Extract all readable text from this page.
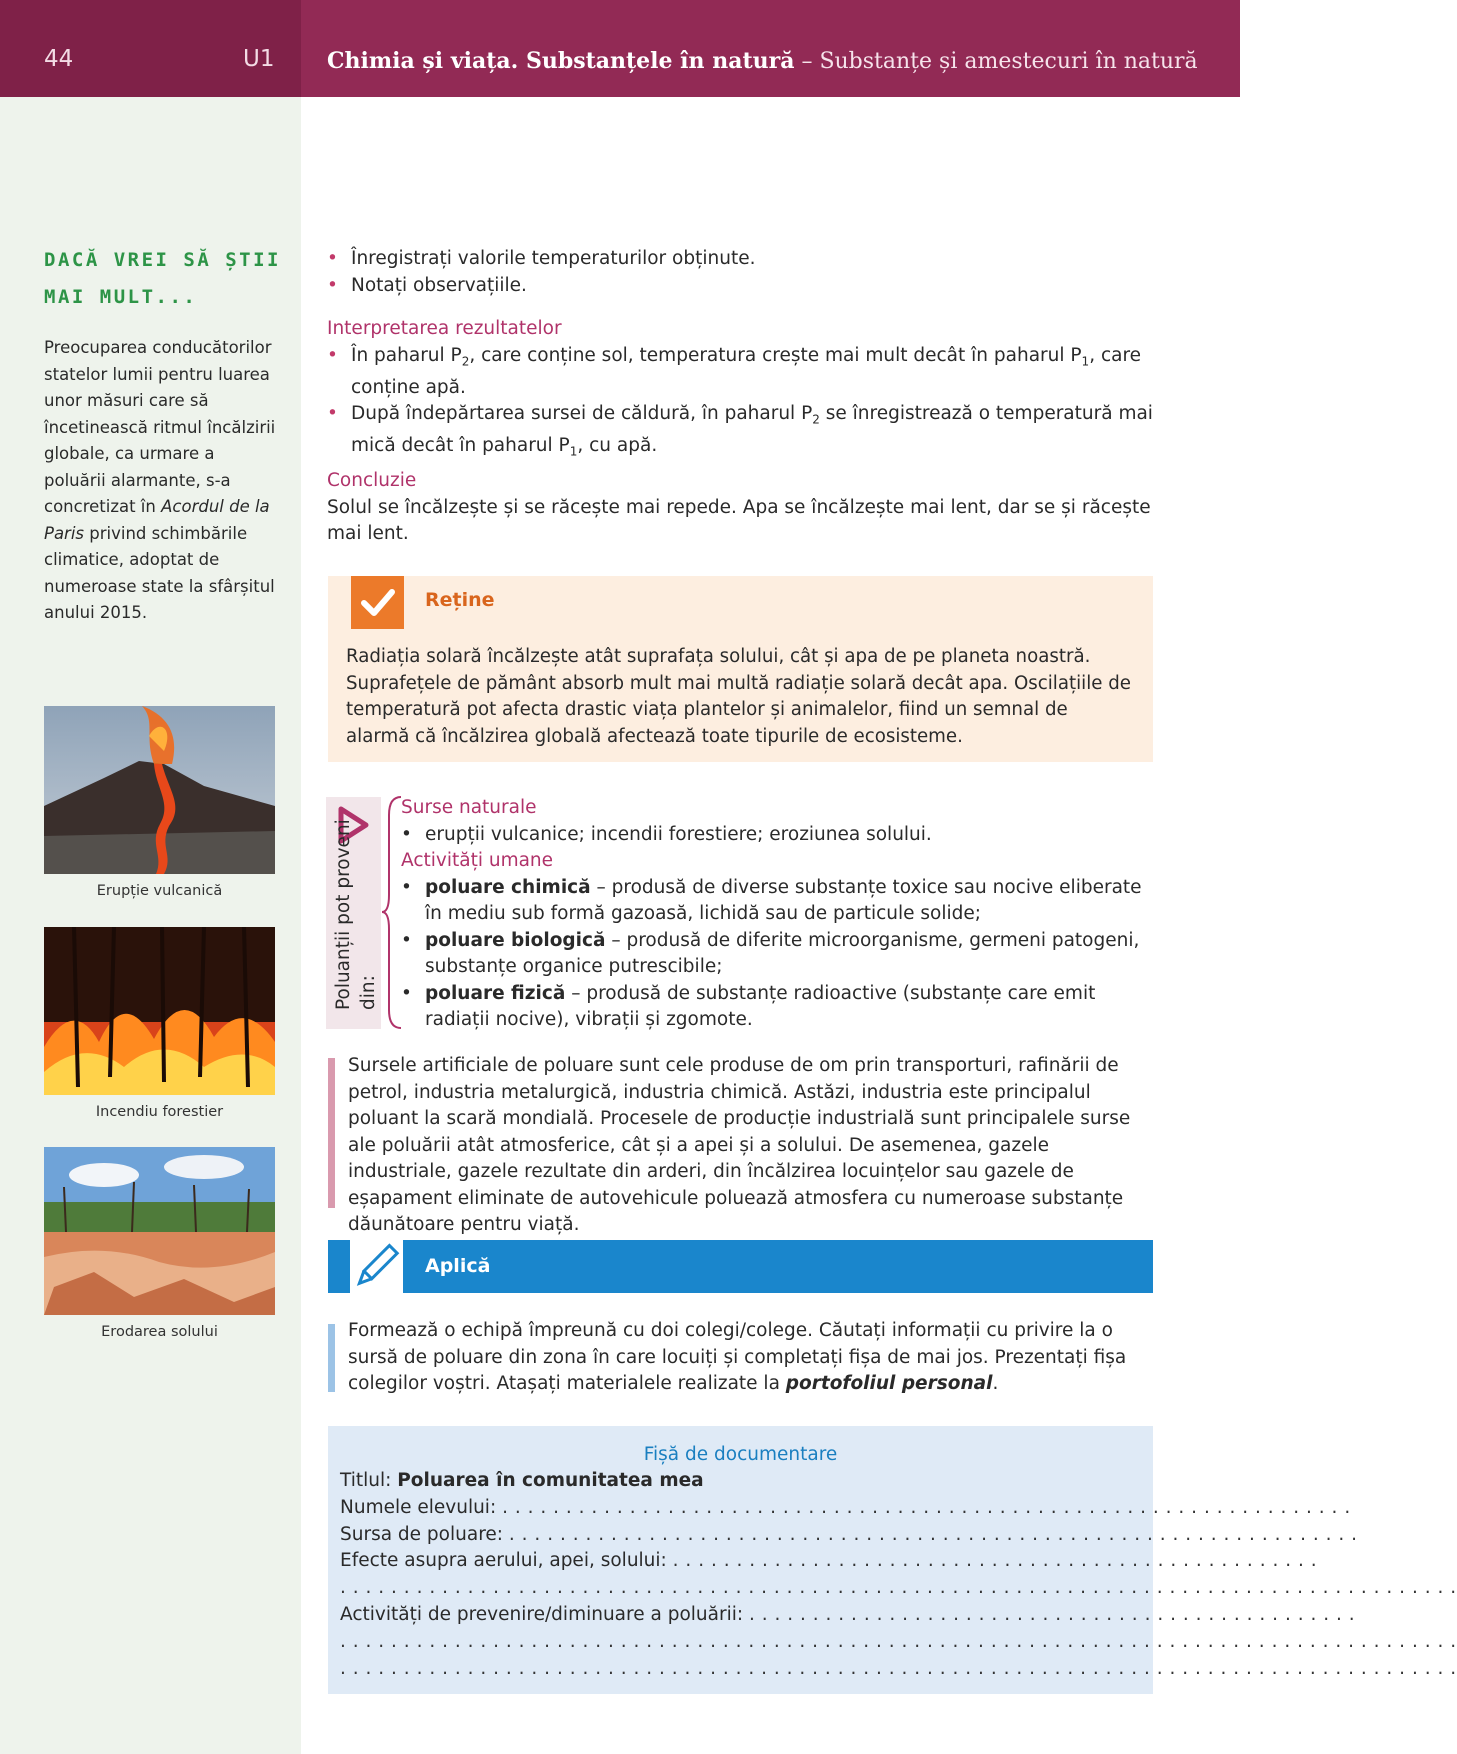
44	U1 Chimia și viața. Substanțele în natură – Substanțe și amestecuri în natură
DACĂ VREI SĂ ȘTII
MAI MULT...
Preocuparea conducătorilor statelor lumii pentru luarea unor măsuri care să încetinească ritmul încălzirii globale, ca urmare a poluării alarmante, s-a concretizat în Acordul de la Paris privind schimbările climatice, adoptat de numeroase state la sfârșitul anului 2015.
Erupție vulcanică
Incendiu forestier
Erodarea solului
• Înregistrați valorile temperaturilor obținute.
• Notați observațiile.
Interpretarea rezultatelor
• În paharul $P_2$, care conține sol, temperatura crește mai mult decât în paharul $P_1$, care conține apă.
• După îndepărtarea sursei de căldură, în paharul $P_2$ se înregistrează o temperatură mai mică decât în paharul $P_1$, cu apă.
Concluzie
Solul se încălzește și se răcește mai repede. Apa se încălzește mai lent, dar se și răcește mai lent.
Reține
Radiația solară încălzește atât suprafața solului, cât și apa de pe planeta noastră. Suprafețele de pământ absorb mult mai multă radiație solară decât apa. Oscilațiile de temperatură pot afecta drastic viața plantelor și animalelor, fiind un semnal de alarmă că încălzirea globală afectează toate tipurile de ecosisteme.
Poluanții pot proveni din:
Surse naturale
• erupții vulcanice; incendii forestiere; eroziunea solului.
Activități umane
• poluare chimică – produsă de diverse substanțe toxice sau nocive eliberate în mediu sub formă gazoasă, lichidă sau de particule solide;
• poluare biologică – produsă de diferite microorganisme, germeni patogeni, substanțe organice putrescibile;
• poluare fizică – produsă de substanțe radioactive (substanțe care emit radiații nocive), vibrații și zgomote.
Sursele artificiale de poluare sunt cele produse de om prin transporturi, rafinării de petrol, industria metalurgică, industria chimică. Astăzi, industria este principalul poluant la scară mondială. Procesele de producție industrială sunt principalele surse ale poluării atât atmosferice, cât și a apei și a solului. De asemenea, gazele industriale, gazele rezultate din arderi, din încălzirea locuințelor sau gazele de eșapament eliminate de autovehicule poluează atmosfera cu numeroase substanțe dăunătoare pentru viață.
Aplică
Formează o echipă împreună cu doi colegi/colege. Căutați informații cu privire la o sursă de poluare din zona în care locuiți și completați fișa de mai jos. Prezentați fișa colegilor voștri. Atașați materialele realizate la portofoliul personal.
Fișă de documentare
Titlul: Poluarea în comunitatea mea
Numele elevului: . . . . . . . . . . . . . . . . . . . . . . . . . . . . . . . . . . . . . . . . . . . . . . . . . . . . . . . . . . . . . . . . . . .
Sursa de poluare: . . . . . . . . . . . . . . . . . . . . . . . . . . . . . . . . . . . . . . . . . . . . . . . . . . . . . . . . . . . . . . . . . . .
Efecte asupra aerului, apei, solului: . . . . . . . . . . . . . . . . . . . . . . . . . . . . . . . . . . . . . . . . . . . . . . . . . . .
. . . . . . . . . . . . . . . . . . . . . . . . . . . . . . . . . . . . . . . . . . . . . . . . . . . . . . . . . . . . . . . . . . . . . . . . . . . . . . . . . . . . . . . .
Activități de prevenire/diminuare a poluării: . . . . . . . . . . . . . . . . . . . . . . . . . . . . . . . . . . . . . . . . . . . . . . . .
. . . . . . . . . . . . . . . . . . . . . . . . . . . . . . . . . . . . . . . . . . . . . . . . . . . . . . . . . . . . . . . . . . . . . . . . . . . . . . . . . . . . . . . .
. . . . . . . . . . . . . . . . . . . . . . . . . . . . . . . . . . . . . . . . . . . . . . . . . . . . . . . . . . . . . . . . . . . . . . . . . . . . . . . . . . . . . . . .
